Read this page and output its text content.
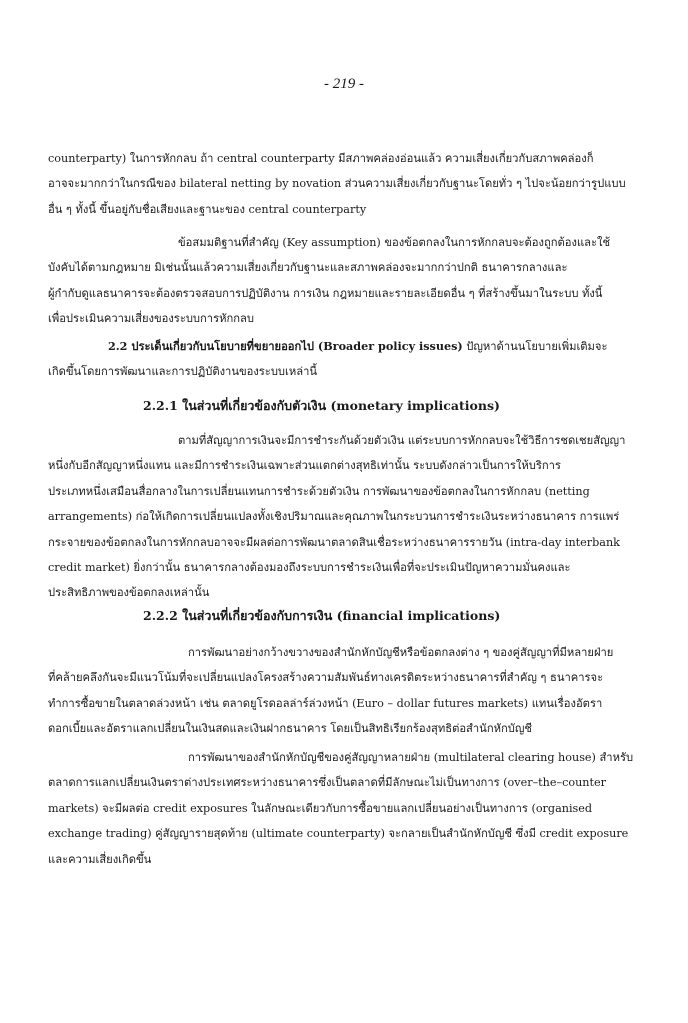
- 219 -
counterparty) ในการหักกลบ ถ้า central counterparty มีสภาพคล่องอ่อนแล้ว ความเสี่ยงเกี่ยวกับสภาพคล่องก็
อาจจะมากกว่าในกรณีของ bilateral netting by novation ส่วนความเสี่ยงเกี่ยวกับฐานะโดยทั่ว ๆ ไปจะน้อยกว่ารูปแบบ
อื่น ๆ ทั้งนี้ ขึ้นอยู่กับชื่อเสียงและฐานะของ central counterparty
ข้อสมมติฐานที่สำคัญ (Key assumption) ของข้อตกลงในการหักกลบจะต้องถูกต้องและใช้
บังคับได้ตามกฎหมาย มิเช่นนั้นแล้วความเสี่ยงเกี่ยวกับฐานะและสภาพคล่องจะมากกว่าปกติ ธนาคารกลางและ
ผู้กำกับดูแลธนาคารจะต้องตรวจสอบการปฏิบัติงาน การเงิน กฎหมายและรายละเอียดอื่น ๆ ที่สร้างขึ้นมาในระบบ ทั้งนี้
เพื่อประเมินความเสี่ยงของระบบการหักกลบ
2.2 ประเด็นเกี่ยวกับนโยบายที่ขยายออกไป (Broader policy issues) ปัญหาด้านนโยบายเพิ่มเติมจะ
เกิดขึ้นโดยการพัฒนาและการปฏิบัติงานของระบบเหล่านี้
2.2.1 ในส่วนที่เกี่ยวข้องกับตัวเงิน (monetary implications)
ตามที่สัญญาการเงินจะมีการชำระกันด้วยตัวเงิน แต่ระบบการหักกลบจะใช้วิธีการชดเชยสัญญา
หนึ่งกับอีกสัญญาหนึ่งแทน และมีการชำระเงินเฉพาะส่วนแตกต่างสุทธิเท่านั้น ระบบดังกล่าวเป็นการให้บริการ
ประเภทหนึ่งเสมือนสื่อกลางในการเปลี่ยนแทนการชำระด้วยตัวเงิน การพัฒนาของข้อตกลงในการหักกลบ (netting
arrangements) ก่อให้เกิดการเปลี่ยนแปลงทั้งเชิงปริมาณและคุณภาพในกระบวนการชำระเงินระหว่างธนาคาร การแพร่
กระจายของข้อตกลงในการหักกลบอาจจะมีผลต่อการพัฒนาตลาดสินเชื่อระหว่างธนาคารรายวัน (intra-day interbank
credit market) ยิ่งกว่านั้น ธนาคารกลางต้องมองถึงระบบการชำระเงินเพื่อที่จะประเมินปัญหาความมั่นคงและ
ประสิทธิภาพของข้อตกลงเหล่านั้น
2.2.2 ในส่วนที่เกี่ยวข้องกับการเงิน (financial implications)
การพัฒนาอย่างกว้างขวางของสำนักหักบัญชีหรือข้อตกลงต่าง ๆ ของคู่สัญญาที่มีหลายฝ่าย
ที่คล้ายคลึงกันจะมีแนวโน้มที่จะเปลี่ยนแปลงโครงสร้างความสัมพันธ์ทางเครดิตระหว่างธนาคารที่สำคัญ ๆ ธนาคารจะ
ทำการซื้อขายในตลาดล่วงหน้า เช่น ตลาดยูโรดอลล่าร์ล่วงหน้า (Euro – dollar futures markets) แทนเรื่องอัตรา
ดอกเบี้ยและอัตราแลกเปลี่ยนในเงินสดและเงินฝากธนาคาร โดยเป็นสิทธิเรียกร้องสุทธิต่อสำนักหักบัญชี
การพัฒนาของสำนักหักบัญชีของคู่สัญญาหลายฝ่าย (multilateral clearing house) สำหรับ
ตลาดการแลกเปลี่ยนเงินตราต่างประเทศระหว่างธนาคารซึ่งเป็นตลาดที่มีลักษณะไม่เป็นทางการ (over–the–counter
markets) จะมีผลต่อ credit exposures ในลักษณะเดียวกับการซื้อขายแลกเปลี่ยนอย่างเป็นทางการ (organised
exchange trading) คู่สัญญารายสุดท้าย (ultimate counterparty) จะกลายเป็นสำนักหักบัญชี ซึ่งมี credit exposure
และความเสี่ยงเกิดขึ้น
